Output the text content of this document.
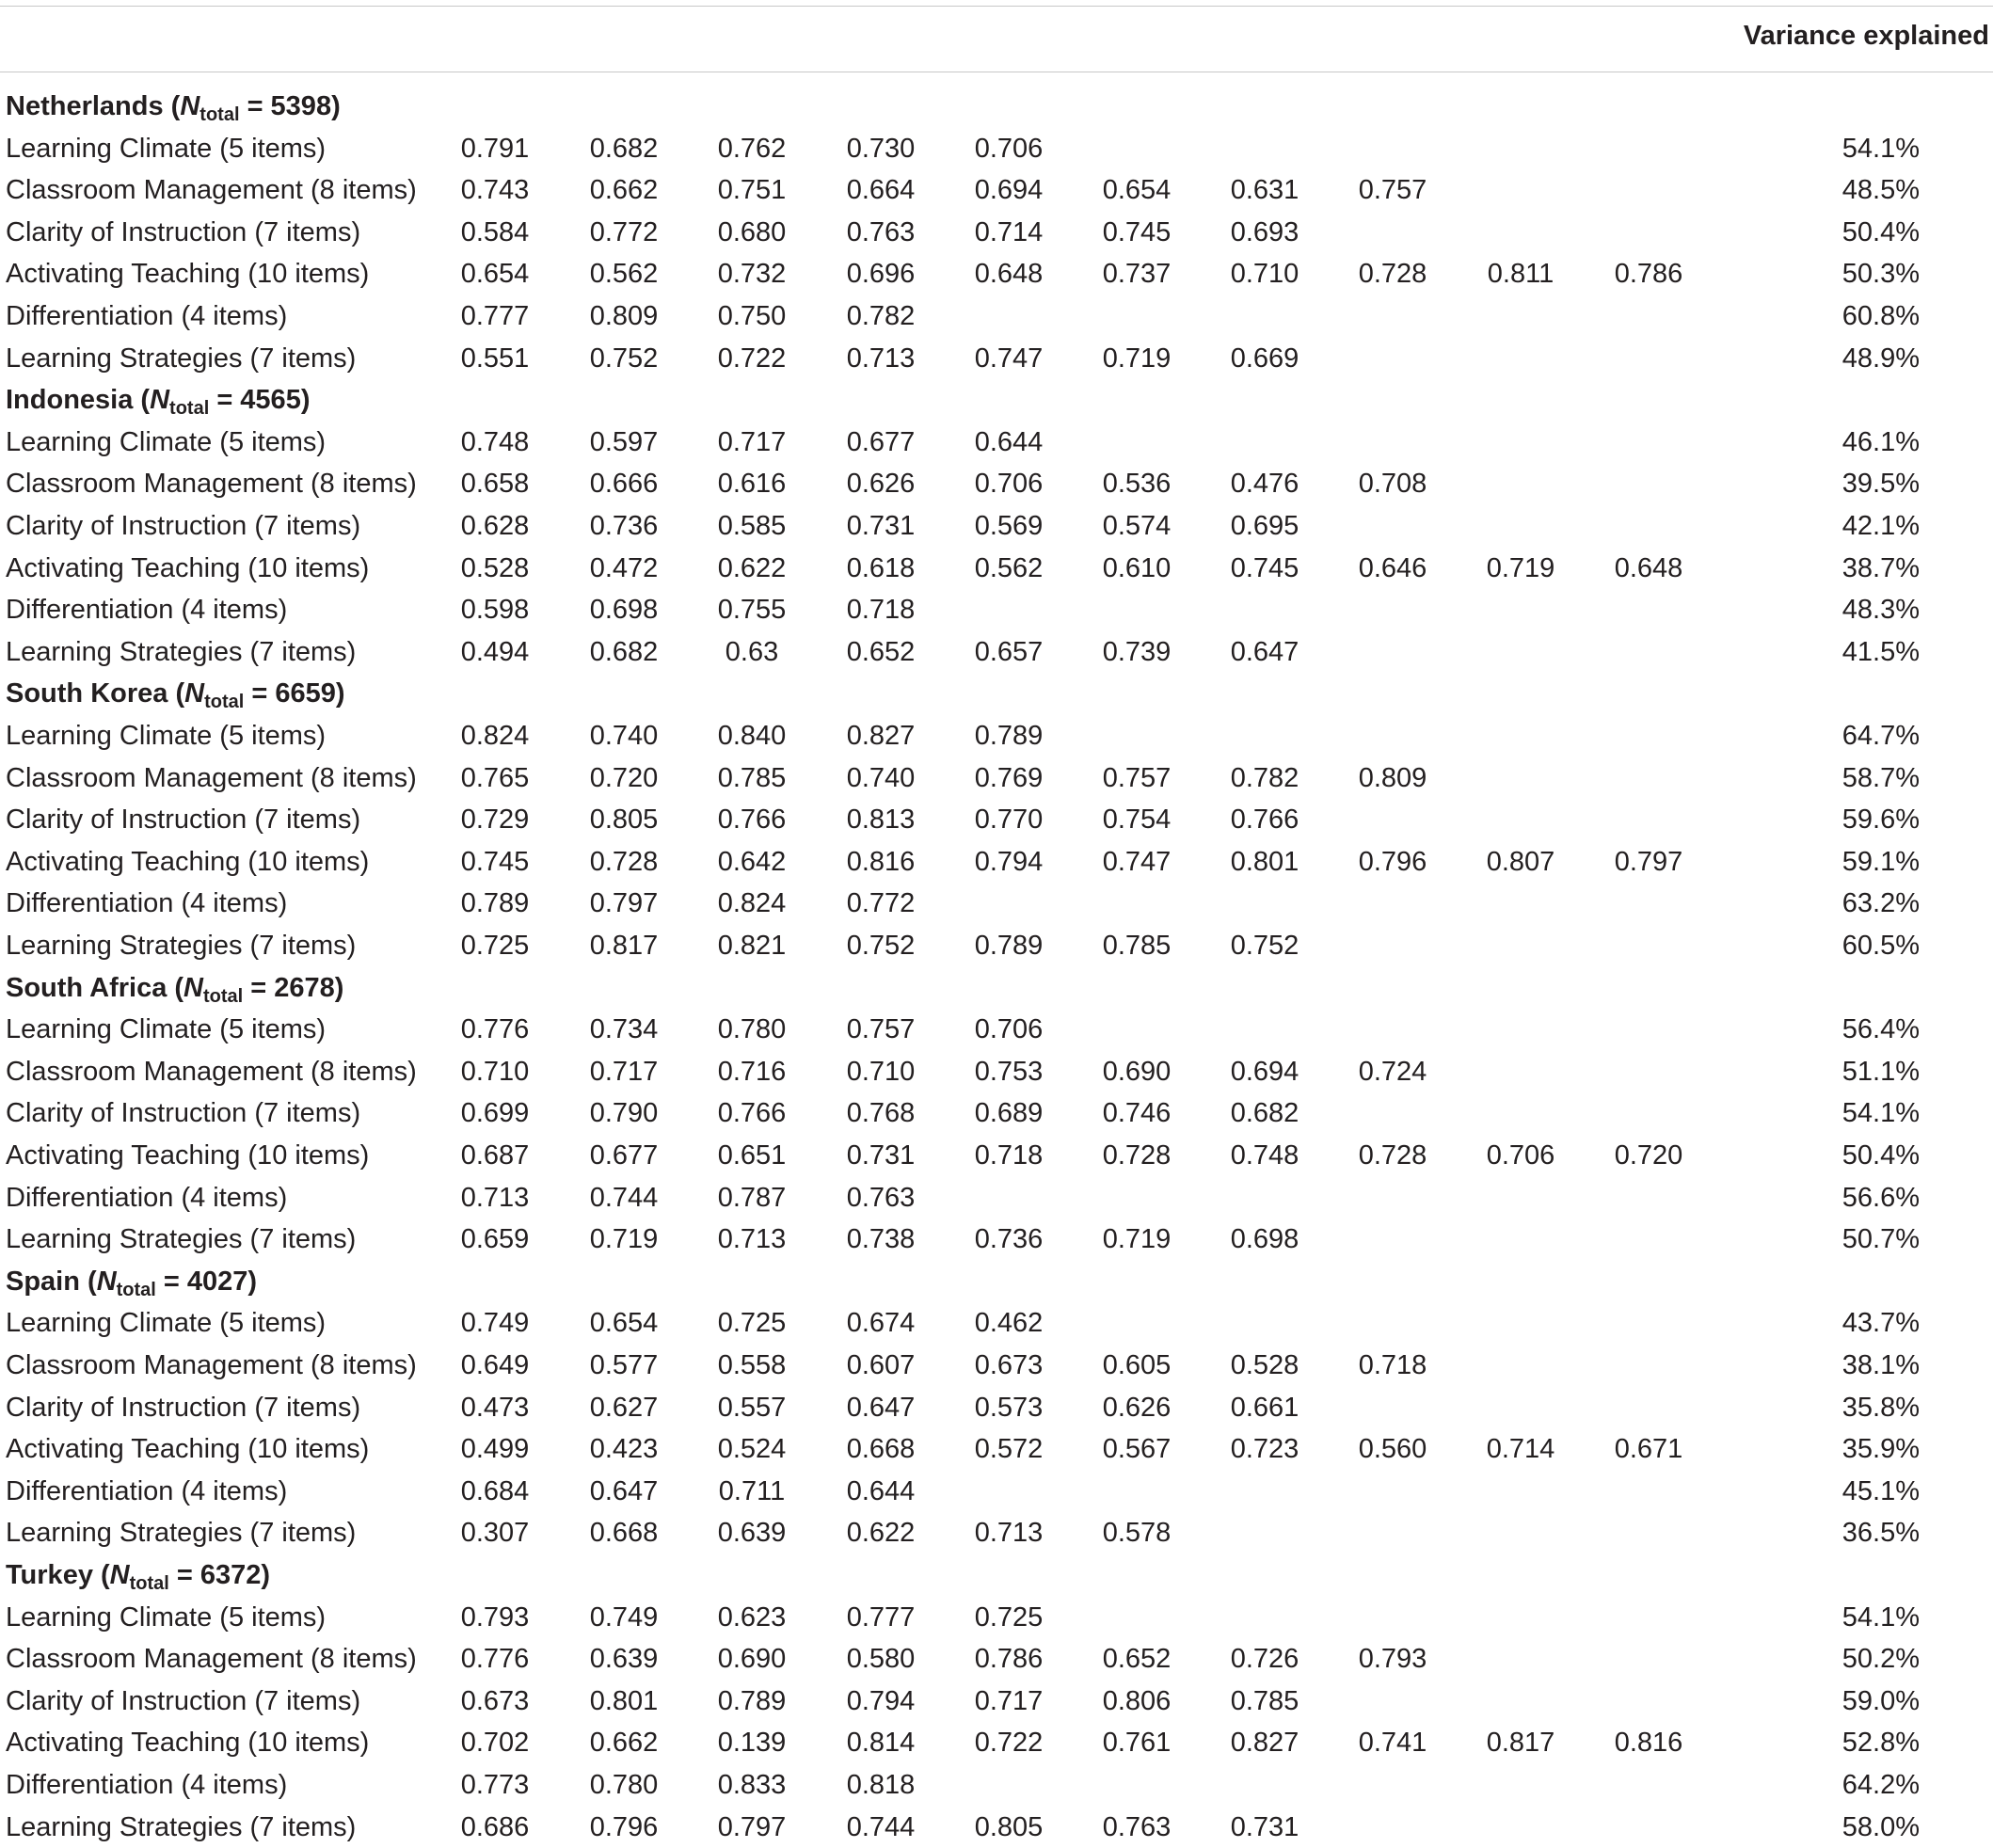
Variance explained
Netherlands $(N_{total} = 5398)$
Learning Climate (5 items)	0.791	0.682	0.762	0.730	0.706	54.1%
Classroom Management (8 items)	0.743	0.662	0.751	0.664	0.694	0.654	0.631	0.757	48.5%
Clarity of Instruction (7 items)	0.584	0.772	0.680	0.763	0.714	0.745	0.693	50.4%
Activating Teaching (10 items)	0.654	0.562	0.732	0.696	0.648	0.737	0.710	0.728	0.811	0.786	50.3%
Differentiation (4 items)	0.777	0.809	0.750	0.782	60.8%
Learning Strategies (7 items)	0.551	0.752	0.722	0.713	0.747	0.719	0.669	48.9%
Indonesia $(N_{total} = 4565)$
Learning Climate (5 items)	0.748	0.597	0.717	0.677	0.644	46.1%
Classroom Management (8 items)	0.658	0.666	0.616	0.626	0.706	0.536	0.476	0.708	39.5%
Clarity of Instruction (7 items)	0.628	0.736	0.585	0.731	0.569	0.574	0.695	42.1%
Activating Teaching (10 items)	0.528	0.472	0.622	0.618	0.562	0.610	0.745	0.646	0.719	0.648	38.7%
Differentiation (4 items)	0.598	0.698	0.755	0.718	48.3%
Learning Strategies (7 items)	0.494	0.682	0.63	0.652	0.657	0.739	0.647	41.5%
South Korea $(N_{total} = 6659)$
Learning Climate (5 items)	0.824	0.740	0.840	0.827	0.789	64.7%
Classroom Management (8 items)	0.765	0.720	0.785	0.740	0.769	0.757	0.782	0.809	58.7%
Clarity of Instruction (7 items)	0.729	0.805	0.766	0.813	0.770	0.754	0.766	59.6%
Activating Teaching (10 items)	0.745	0.728	0.642	0.816	0.794	0.747	0.801	0.796	0.807	0.797	59.1%
Differentiation (4 items)	0.789	0.797	0.824	0.772	63.2%
Learning Strategies (7 items)	0.725	0.817	0.821	0.752	0.789	0.785	0.752	60.5%
South Africa $(N_{total} = 2678)$
Learning Climate (5 items)	0.776	0.734	0.780	0.757	0.706	56.4%
Classroom Management (8 items)	0.710	0.717	0.716	0.710	0.753	0.690	0.694	0.724	51.1%
Clarity of Instruction (7 items)	0.699	0.790	0.766	0.768	0.689	0.746	0.682	54.1%
Activating Teaching (10 items)	0.687	0.677	0.651	0.731	0.718	0.728	0.748	0.728	0.706	0.720	50.4%
Differentiation (4 items)	0.713	0.744	0.787	0.763	56.6%
Learning Strategies (7 items)	0.659	0.719	0.713	0.738	0.736	0.719	0.698	50.7%
Spain $(N_{total} = 4027)$
Learning Climate (5 items)	0.749	0.654	0.725	0.674	0.462	43.7%
Classroom Management (8 items)	0.649	0.577	0.558	0.607	0.673	0.605	0.528	0.718	38.1%
Clarity of Instruction (7 items)	0.473	0.627	0.557	0.647	0.573	0.626	0.661	35.8%
Activating Teaching (10 items)	0.499	0.423	0.524	0.668	0.572	0.567	0.723	0.560	0.714	0.671	35.9%
Differentiation (4 items)	0.684	0.647	0.711	0.644	45.1%
Learning Strategies (7 items)	0.307	0.668	0.639	0.622	0.713	0.578	36.5%
Turkey $(N_{total} = 6372)$
Learning Climate (5 items)	0.793	0.749	0.623	0.777	0.725	54.1%
Classroom Management (8 items)	0.776	0.639	0.690	0.580	0.786	0.652	0.726	0.793	50.2%
Clarity of Instruction (7 items)	0.673	0.801	0.789	0.794	0.717	0.806	0.785	59.0%
Activating Teaching (10 items)	0.702	0.662	0.139	0.814	0.722	0.761	0.827	0.741	0.817	0.816	52.8%
Differentiation (4 items)	0.773	0.780	0.833	0.818	64.2%
Learning Strategies (7 items)	0.686	0.796	0.797	0.744	0.805	0.763	0.731	58.0%
